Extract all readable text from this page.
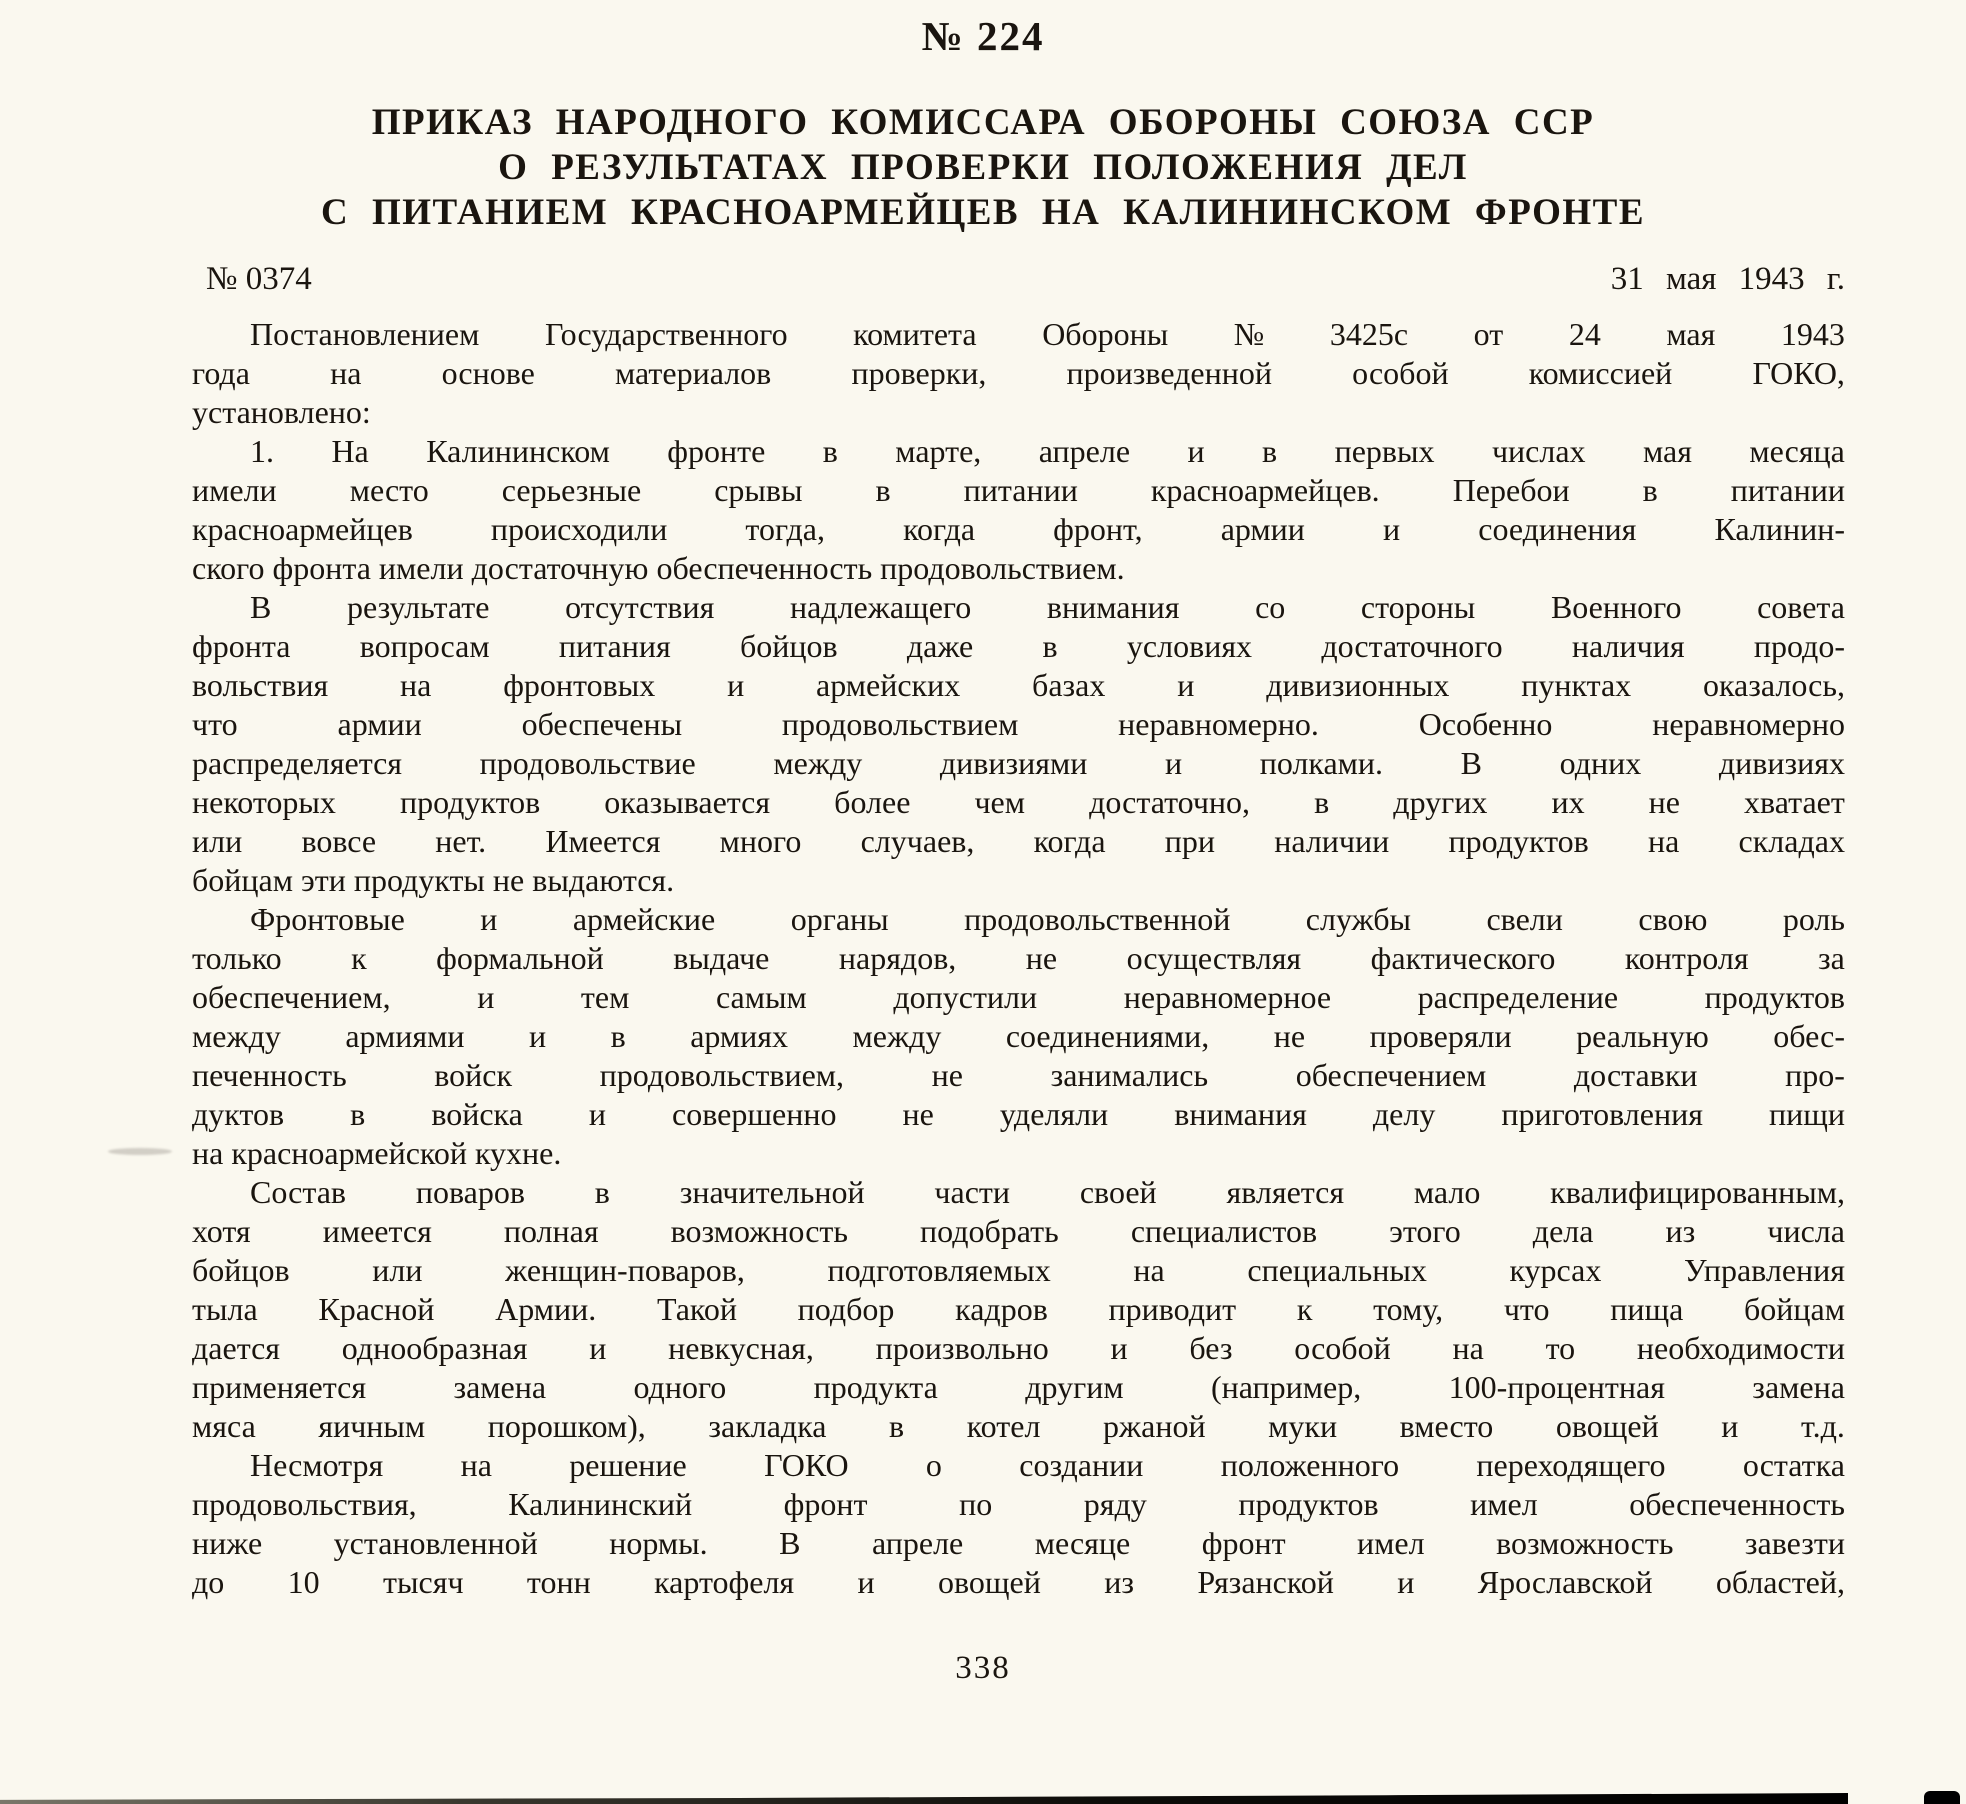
№ 224
ПРИКАЗ НАРОДНОГО КОМИССАРА ОБОРОНЫ СОЮЗА ССР
О РЕЗУЛЬТАТАХ ПРОВЕРКИ ПОЛОЖЕНИЯ ДЕЛ
С ПИТАНИЕМ КРАСНОАРМЕЙЦЕВ НА КАЛИНИНСКОМ ФРОНТЕ
№ 0374	31 мая 1943 г.
Постановлением Государственного комитета Обороны № 3425с от 24 мая 1943
года	на	основе	материалов	проверки,	произведенной	особой	комиссией	ГОКО,
установлено:
1. На Калининском фронте в марте, апреле и в первых числах мая месяца
имели место серьезные срывы в питании красноармейцев. Перебои в питании
красноармейцев происходили тогда, когда фронт, армии и соединения Калинин-
ского фронта имели достаточную обеспеченность продовольствием.
В результате отсутствия надлежащего внимания со стороны Военного совета
фронта вопросам питания бойцов даже в условиях достаточного наличия продо-
вольствия на фронтовых и армейских базах и дивизионных пунктах оказалось,
что	армии	обеспечены	продовольствием	неравномерно.	Особенно	неравномерно
распределяется продовольствие между дивизиями и полками. В одних дивизиях
некоторых продуктов оказывается более чем достаточно, в других их не хватает
или вовсе нет. Имеется много случаев, когда при наличии продуктов на складах
бойцам эти продукты не выдаются.
Фронтовые и армейские органы продовольственной службы свели свою роль
только к формальной выдаче нарядов, не осуществляя фактического контроля за
обеспечением,	и	тем	самым	допустили	неравномерное	распределение	продуктов
между армиями и в армиях между соединениями, не проверяли реальную обес-
печенность	войск	продовольствием,	не	занимались	обеспечением	доставки	про-
дуктов в войска и совершенно не уделяли внимания делу приготовления пищи
на красноармейской кухне.
Состав поваров в значительной части своей является мало квалифицированным,
хотя имеется полная возможность подобрать специалистов этого дела из числа
бойцов	или	женщин-поваров,	подготовляемых	на	специальных	курсах	Управления
тыла Красной Армии. Такой подбор кадров приводит к тому, что пища бойцам
дается однообразная и невкусная, произвольно и без особой на то необходимости
применяется	замена	одного	продукта	другим	(например,	100-процентная	замена
мяса яичным порошком), закладка в котел ржаной муки вместо овощей и т.д.
Несмотря на решение ГОКО о создании положенного переходящего остатка
продовольствия,	Калининский	фронт	по	ряду	продуктов	имел	обеспеченность
ниже установленной нормы. В апреле месяце фронт имел возможность завезти
до 10 тысяч тонн картофеля и овощей из Рязанской и Ярославской областей,
338
